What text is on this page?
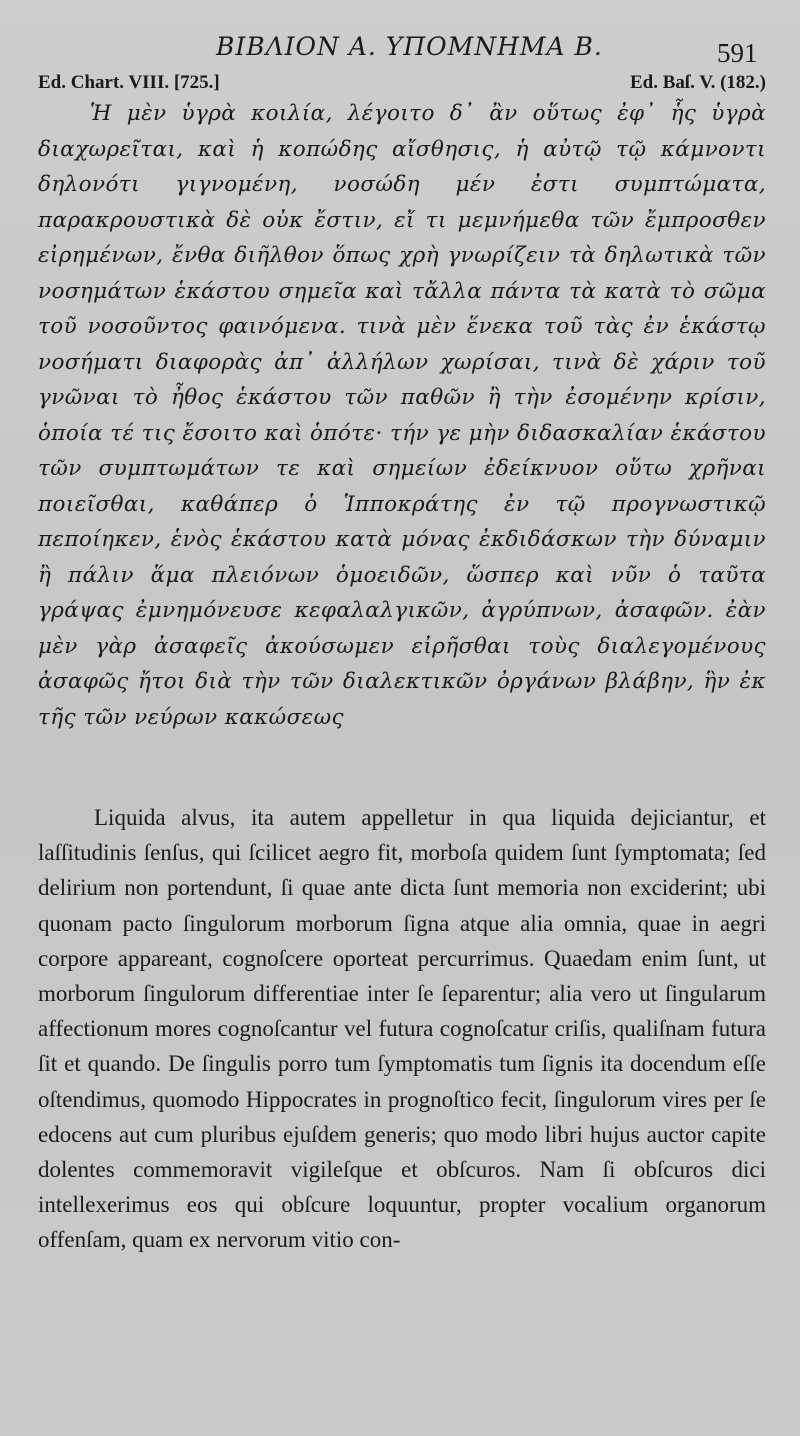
ΒΙΒΛΙΟΝ Α. ΥΠΟΜΝΗΜΑ Β.	591
Ed. Chart. VIII. [725.]	Ed. Baſ. V. (182.)

Ἡ μὲν ὑγρὰ κοιλία, λέγοιτο δ᾽ ἂν οὕτως ἐφ᾽ ἧς ὑγρὰ διαχωρεῖται, καὶ ἡ κοπώδης αἴσθησις, ἡ αὐτῷ τῷ κάμνοντι δηλονότι γιγνομένη, νοσώδη μέν ἐστι συμπτώματα, παρακρουστικὰ δὲ οὐκ ἔστιν, εἴ τι μεμνήμεθα τῶν ἔμπροσθεν εἰρημένων, ἔνθα διῆλθον ὅπως χρὴ γνωρίζειν τὰ δηλωτικὰ τῶν νοσημάτων ἑκάστου σημεῖα καὶ τἄλλα πάντα τὰ κατὰ τὸ σῶμα τοῦ νοσοῦντος φαινόμενα. τινὰ μὲν ἕνεκα τοῦ τὰς ἐν ἑκάστῳ νοσήματι διαφορὰς ἀπ᾽ ἀλλήλων χωρίσαι, τινὰ δὲ χάριν τοῦ γνῶναι τὸ ἦθος ἑκάστου τῶν παθῶν ἢ τὴν ἐσομένην κρίσιν, ὁποία τέ τις ἔσοιτο καὶ ὁπότε· τήν γε μὴν διδασκαλίαν ἑκάστου τῶν συμπτωμάτων τε καὶ σημείων ἐδείκνυον οὕτω χρῆναι ποιεῖσθαι, καθάπερ ὁ Ἱπποκράτης ἐν τῷ προγνωστικῷ πεποίηκεν, ἑνὸς ἑκάστου κατὰ μόνας ἐκδιδάσκων τὴν δύναμιν ἢ πάλιν ἅμα πλειόνων ὁμοειδῶν, ὥσπερ καὶ νῦν ὁ ταῦτα γράψας ἐμνημόνευσε κεφαλαλγικῶν, ἀγρύπνων, ἀσαφῶν. ἐὰν μὲν γὰρ ἀσαφεῖς ἀκούσωμεν εἰρῆσθαι τοὺς διαλεγομένους ἀσαφῶς ἤτοι διὰ τὴν τῶν διαλεκτικῶν ὀργάνων βλάβην, ἣν ἐκ τῆς τῶν νεύρων κακώσεως

Liquida alvus, ita autem appelletur in qua liquida dejiciantur, et laſſitudinis ſenſus, qui ſcilicet aegro fit, morboſa quidem ſunt ſymptomata; ſed delirium non portendunt, ſi quae ante dicta ſunt memoria non exciderint; ubi quonam pacto ſingulorum morborum ſigna atque alia omnia, quae in aegri corpore appareant, cognoſcere oporteat percurrimus. Quaedam enim ſunt, ut morborum ſingulorum differentiae inter ſe ſeparentur; alia vero ut ſingularum affectionum mores cognoſcantur vel futura cognoſcatur criſis, qualiſnam futura ſit et quando. De ſingulis porro tum ſymptomatis tum ſignis ita docendum eſſe oſtendimus, quomodo Hippocrates in prognoſtico fecit, ſingulorum vires per ſe edocens aut cum pluribus ejuſdem generis; quo modo libri hujus auctor capite dolentes commemoravit vigileſque et obſcuros. Nam ſi obſcuros dici intellexerimus eos qui obſcure loquuntur, propter vocalium organorum offenſam, quam ex nervorum vitio con-
